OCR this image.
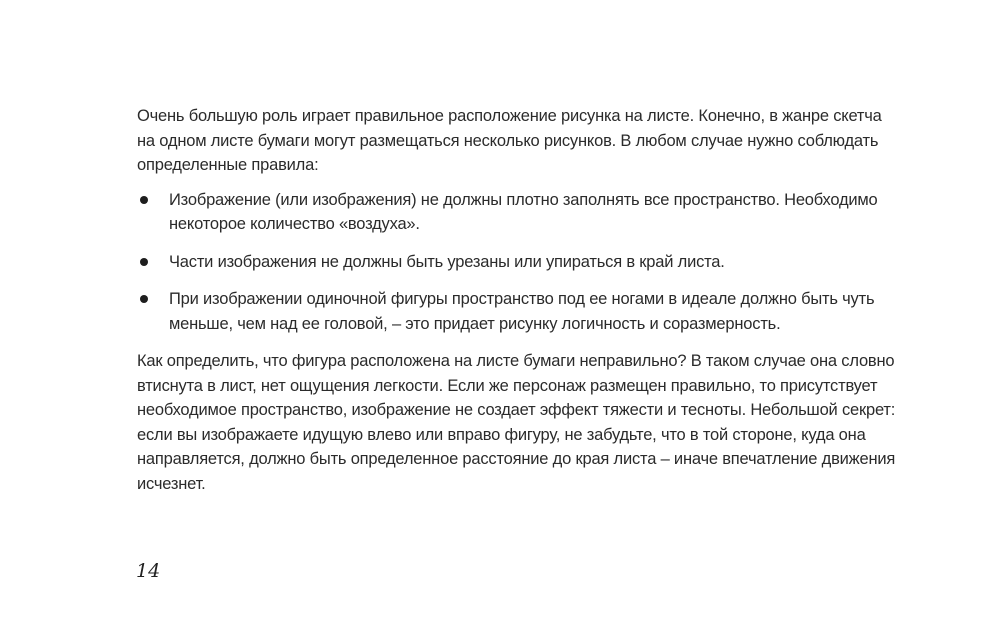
Очень большую роль играет правильное расположение рисунка на листе. Конечно, в жанре скетча на одном листе бумаги могут размещаться несколько рисунков. В любом случае нужно соблюдать определенные правила:

Изображение (или изображения) не должны плотно заполнять все пространство. Необходимо некоторое количество «воздуха».
Части изображения не должны быть урезаны или упираться в край листа.
При изображении одиночной фигуры пространство под ее ногами в идеале должно быть чуть меньше, чем над ее головой, – это придает рисунку логичность и соразмерность.

Как определить, что фигура расположена на листе бумаги неправильно? В таком случае она словно втиснута в лист, нет ощущения легкости. Если же персонаж размещен правильно, то присутствует необходимое пространство, изображение не создает эффект тяжести и тесноты. Небольшой секрет: если вы изображаете идущую влево или вправо фигуру, не забудьте, что в той стороне, куда она направляется, должно быть определенное расстояние до края листа – иначе впечатление движения исчезнет.

14
